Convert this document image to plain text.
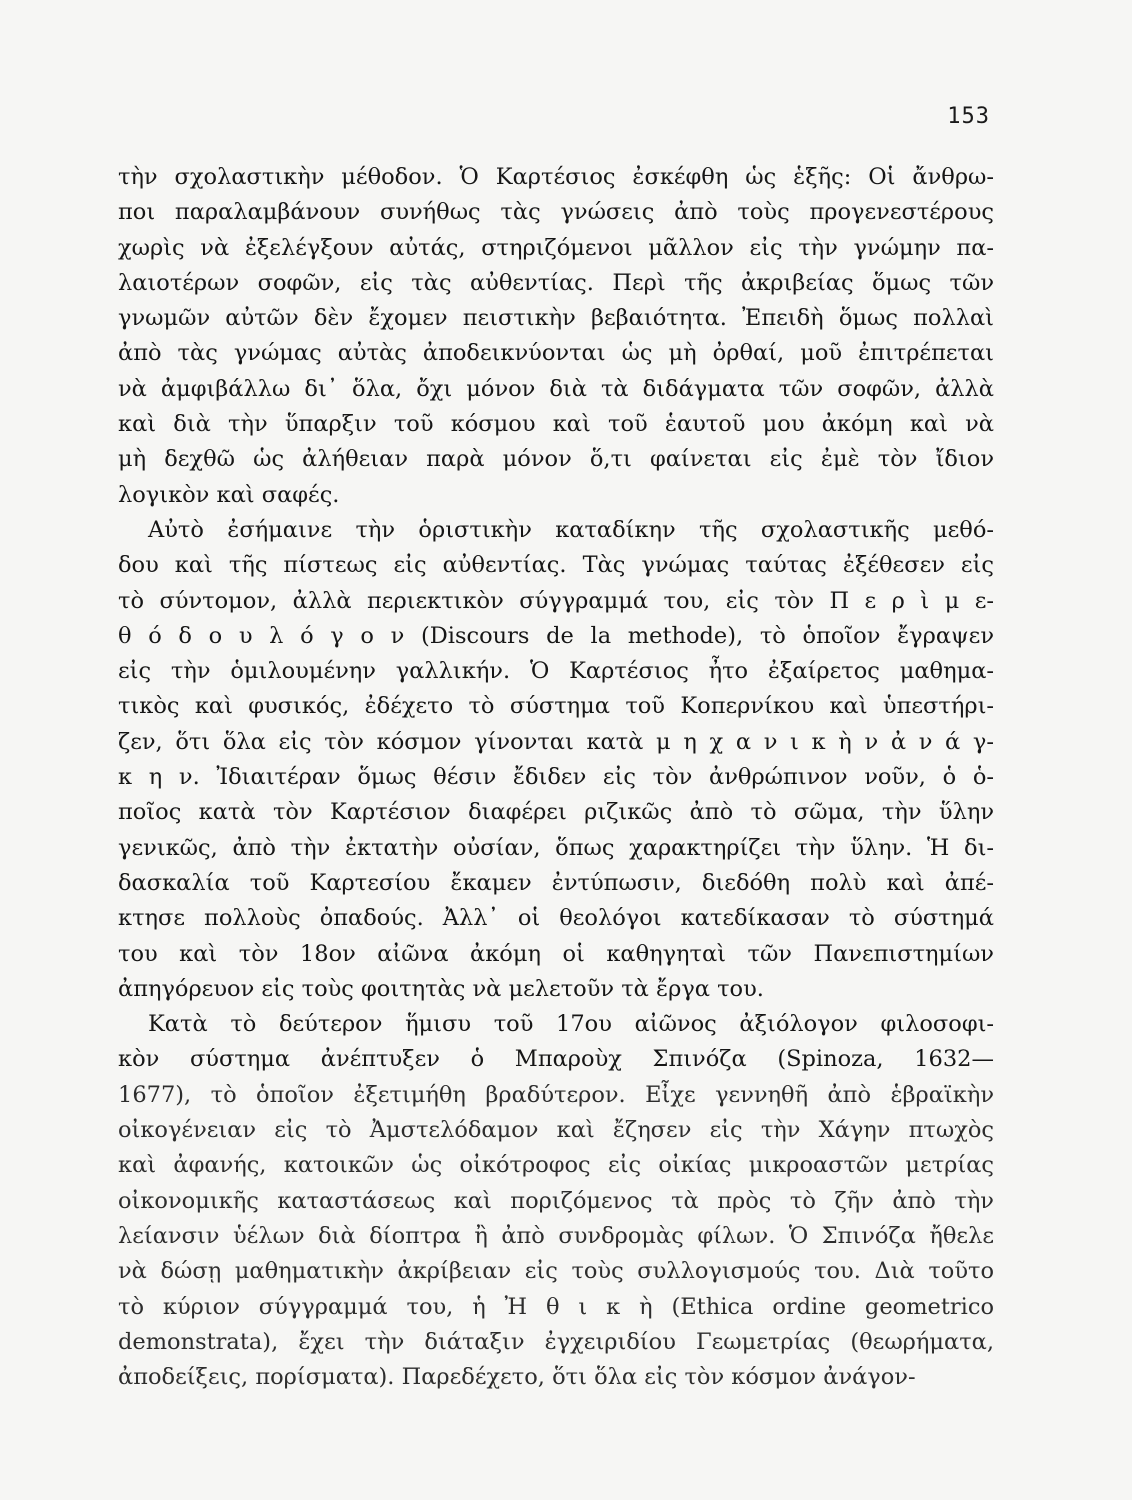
153
τὴν σχολαστικὴν μέθοδον. Ὁ Καρτέσιος ἐσκέφθη ὡς ἑξῆς: Οἱ ἄνθρω-
ποι παραλαμβάνουν συνήθως τὰς γνώσεις ἀπὸ τοὺς προγενεστέρους
χωρὶς νὰ ἐξελέγξουν αὐτάς, στηριζόμενοι μᾶλλον εἰς τὴν γνώμην πα-
λαιοτέρων σοφῶν, εἰς τὰς αὐθεντίας. Περὶ τῆς ἀκριβείας ὅμως τῶν
γνωμῶν αὐτῶν δὲν ἔχομεν πειστικὴν βεβαιότητα. Ἐπειδὴ ὅμως πολλαὶ
ἀπὸ τὰς γνώμας αὐτὰς ἀποδεικνύονται ὡς μὴ ὀρθαί, μοῦ ἐπιτρέπεται
νὰ ἀμφιβάλλω δι᾽ ὅλα, ὄχι μόνον διὰ τὰ διδάγματα τῶν σοφῶν, ἀλλὰ
καὶ διὰ τὴν ὕπαρξιν τοῦ κόσμου καὶ τοῦ ἑαυτοῦ μου ἀκόμη καὶ νὰ
μὴ δεχθῶ ὡς ἀλήθειαν παρὰ μόνον ὅ,τι φαίνεται εἰς ἐμὲ τὸν ἴδιον
λογικὸν καὶ σαφές.
Αὐτὸ ἐσήμαινε τὴν ὁριστικὴν καταδίκην τῆς σχολαστικῆς μεθό-
δου καὶ τῆς πίστεως εἰς αὐθεντίας. Τὰς γνώμας ταύτας ἐξέθεσεν εἰς
τὸ σύντομον, ἀλλὰ περιεκτικὸν σύγγραμμά του, εἰς τὸν Π ε ρ ὶ μ ε-
θ ό δ ο υ λ ό γ ο ν (Discours de la methode), τὸ ὁποῖον ἔγραψεν
εἰς τὴν ὁμιλουμένην γαλλικήν. Ὁ Καρτέσιος ἦτο ἐξαίρετος μαθημα-
τικὸς καὶ φυσικός, ἐδέχετο τὸ σύστημα τοῦ Κοπερνίκου καὶ ὑπεστήρι-
ζεν, ὅτι ὅλα εἰς τὸν κόσμον γίνονται κατὰ μ η χ α ν ι κ ὴ ν ἀ ν ά γ-
κ η ν. Ἰδιαιτέραν ὅμως θέσιν ἔδιδεν εἰς τὸν ἀνθρώπινον νοῦν, ὁ ὁ-
ποῖος κατὰ τὸν Καρτέσιον διαφέρει ριζικῶς ἀπὸ τὸ σῶμα, τὴν ὕλην
γενικῶς, ἀπὸ τὴν ἐκτατὴν οὐσίαν, ὅπως χαρακτηρίζει τὴν ὕλην. Ἡ δι-
δασκαλία τοῦ Καρτεσίου ἔκαμεν ἐντύπωσιν, διεδόθη πολὺ καὶ ἀπέ-
κτησε πολλοὺς ὀπαδούς. Ἀλλ᾽ οἱ θεολόγοι κατεδίκασαν τὸ σύστημά
του καὶ τὸν 18ον αἰῶνα ἀκόμη οἱ καθηγηταὶ τῶν Πανεπιστημίων
ἀπηγόρευον εἰς τοὺς φοιτητὰς νὰ μελετοῦν τὰ ἔργα του.
Κατὰ τὸ δεύτερον ἥμισυ τοῦ 17ου αἰῶνος ἀξιόλογον φιλοσοφι-
κὸν σύστημα ἀνέπτυξεν ὁ Μπαροὺχ Σπινόζα (Spinoza, 1632—
1677), τὸ ὁποῖον ἐξετιμήθη βραδύτερον. Εἶχε γεννηθῆ ἀπὸ ἑβραϊκὴν
οἰκογένειαν εἰς τὸ Ἀμστελόδαμον καὶ ἔζησεν εἰς τὴν Χάγην πτωχὸς
καὶ ἀφανής, κατοικῶν ὡς οἰκότροφος εἰς οἰκίας μικροαστῶν μετρίας
οἰκονομικῆς καταστάσεως καὶ ποριζόμενος τὰ πρὸς τὸ ζῆν ἀπὸ τὴν
λείανσιν ὑέλων διὰ δίοπτρα ἢ ἀπὸ συνδρομὰς φίλων. Ὁ Σπινόζα ἤθελε
νὰ δώσῃ μαθηματικὴν ἀκρίβειαν εἰς τοὺς συλλογισμούς του. Διὰ τοῦτο
τὸ κύριον σύγγραμμά του, ἡ Ἠ θ ι κ ὴ (Ethica ordine geometrico
demonstrata), ἔχει τὴν διάταξιν ἐγχειριδίου Γεωμετρίας (θεωρήματα,
ἀποδείξεις, πορίσματα). Παρεδέχετο, ὅτι ὅλα εἰς τὸν κόσμον ἀνάγον-
